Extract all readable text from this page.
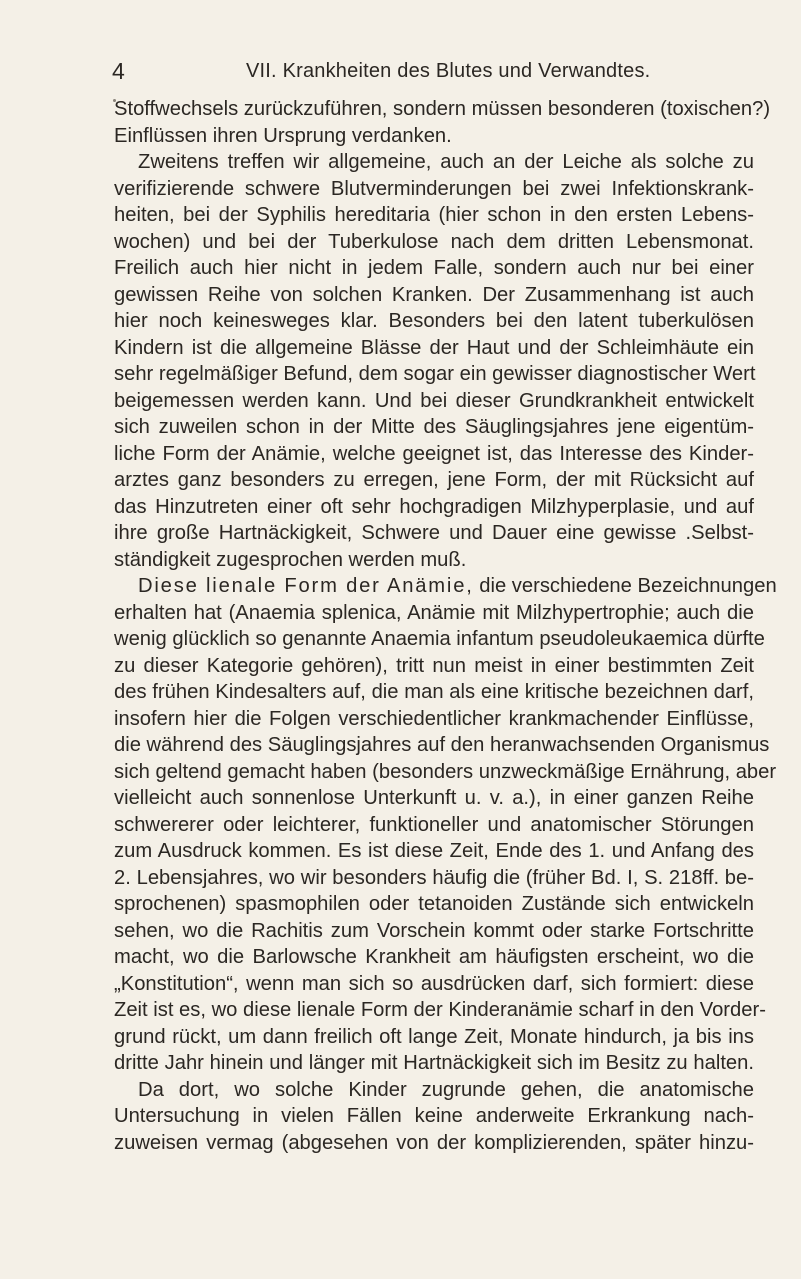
4	VII. Krankheiten des Blutes und Verwandtes.
Stoffwechsels zurückzuführen, sondern müssen besonderen (toxischen?)
Einflüssen ihren Ursprung verdanken.
Zweitens treffen wir allgemeine, auch an der Leiche als solche zu
verifizierende schwere Blutverminderungen bei zwei Infektionskrank-
heiten, bei der Syphilis hereditaria (hier schon in den ersten Lebens-
wochen) und bei der Tuberkulose nach dem dritten Lebensmonat.
Freilich auch hier nicht in jedem Falle, sondern auch nur bei einer
gewissen Reihe von solchen Kranken. Der Zusammenhang ist auch
hier noch keinesweges klar. Besonders bei den latent tuberkulösen
Kindern ist die allgemeine Blässe der Haut und der Schleimhäute ein
sehr regelmäßiger Befund, dem sogar ein gewisser diagnostischer Wert
beigemessen werden kann. Und bei dieser Grundkrankheit entwickelt
sich zuweilen schon in der Mitte des Säuglingsjahres jene eigentüm-
liche Form der Anämie, welche geeignet ist, das Interesse des Kinder-
arztes ganz besonders zu erregen, jene Form, der mit Rücksicht auf
das Hinzutreten einer oft sehr hochgradigen Milzhyperplasie, und auf
ihre große Hartnäckigkeit, Schwere und Dauer eine gewisse .Selbst-
ständigkeit zugesprochen werden muß.
Diese lienale Form der Anämie, die verschiedene Bezeichnungen
erhalten hat (Anaemia splenica, Anämie mit Milzhypertrophie; auch die
wenig glücklich so genannte Anaemia infantum pseudoleukaemica dürfte
zu dieser Kategorie gehören), tritt nun meist in einer bestimmten Zeit
des frühen Kindesalters auf, die man als eine kritische bezeichnen darf,
insofern hier die Folgen verschiedentlicher krankmachender Einflüsse,
die während des Säuglingsjahres auf den heranwachsenden Organismus
sich geltend gemacht haben (besonders unzweckmäßige Ernährung, aber
vielleicht auch sonnenlose Unterkunft u. v. a.), in einer ganzen Reihe
schwererer oder leichterer, funktioneller und anatomischer Störungen
zum Ausdruck kommen. Es ist diese Zeit, Ende des 1. und Anfang des
2. Lebensjahres, wo wir besonders häufig die (früher Bd. I, S. 218ff. be-
sprochenen) spasmophilen oder tetanoiden Zustände sich entwickeln
sehen, wo die Rachitis zum Vorschein kommt oder starke Fortschritte
macht, wo die Barlowsche Krankheit am häufigsten erscheint, wo die
„Konstitution“, wenn man sich so ausdrücken darf, sich formiert: diese
Zeit ist es, wo diese lienale Form der Kinderanämie scharf in den Vorder-
grund rückt, um dann freilich oft lange Zeit, Monate hindurch, ja bis ins
dritte Jahr hinein und länger mit Hartnäckigkeit sich im Besitz zu halten.
Da dort, wo solche Kinder zugrunde gehen, die anatomische
Untersuchung in vielen Fällen keine anderweite Erkrankung nach-
zuweisen vermag (abgesehen von der komplizierenden, später hinzu-
